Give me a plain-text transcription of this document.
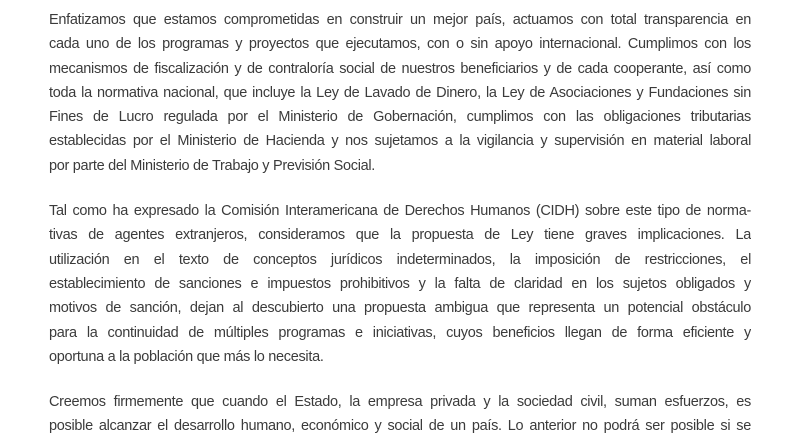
Enfatizamos que estamos comprometidas en construir un mejor país, actuamos con total transparencia en
cada uno de los programas y proyectos que ejecutamos, con o sin apoyo internacional. Cumplimos con los
mecanismos de fiscalización y de contraloría social de nuestros beneficiarios y de cada cooperante, así como
toda la normativa nacional, que incluye la Ley de Lavado de Dinero, la Ley de Asociaciones y Fundaciones sin
Fines de Lucro regulada por el Ministerio de Gobernación, cumplimos con las obligaciones tributarias
establecidas por el Ministerio de Hacienda y nos sujetamos a la vigilancia y supervisión en material laboral
por parte del Ministerio de Trabajo y Previsión Social.
Tal como ha expresado la Comisión Interamericana de Derechos Humanos (CIDH) sobre este tipo de norma-
tivas de agentes extranjeros, consideramos que la propuesta de Ley tiene graves implicaciones. La
utilización en el texto de conceptos jurídicos indeterminados, la imposición de restricciones, el
establecimiento de sanciones e impuestos prohibitivos y la falta de claridad en los sujetos obligados y
motivos de sanción, dejan al descubierto una propuesta ambigua que representa un potencial obstáculo
para la continuidad de múltiples programas e iniciativas, cuyos beneficios llegan de forma eficiente y
oportuna a la población que más lo necesita.
Creemos firmemente que cuando el Estado, la empresa privada y la sociedad civil, suman esfuerzos, es
posible alcanzar el desarrollo humano, económico y social de un país. Lo anterior no podrá ser posible si se
